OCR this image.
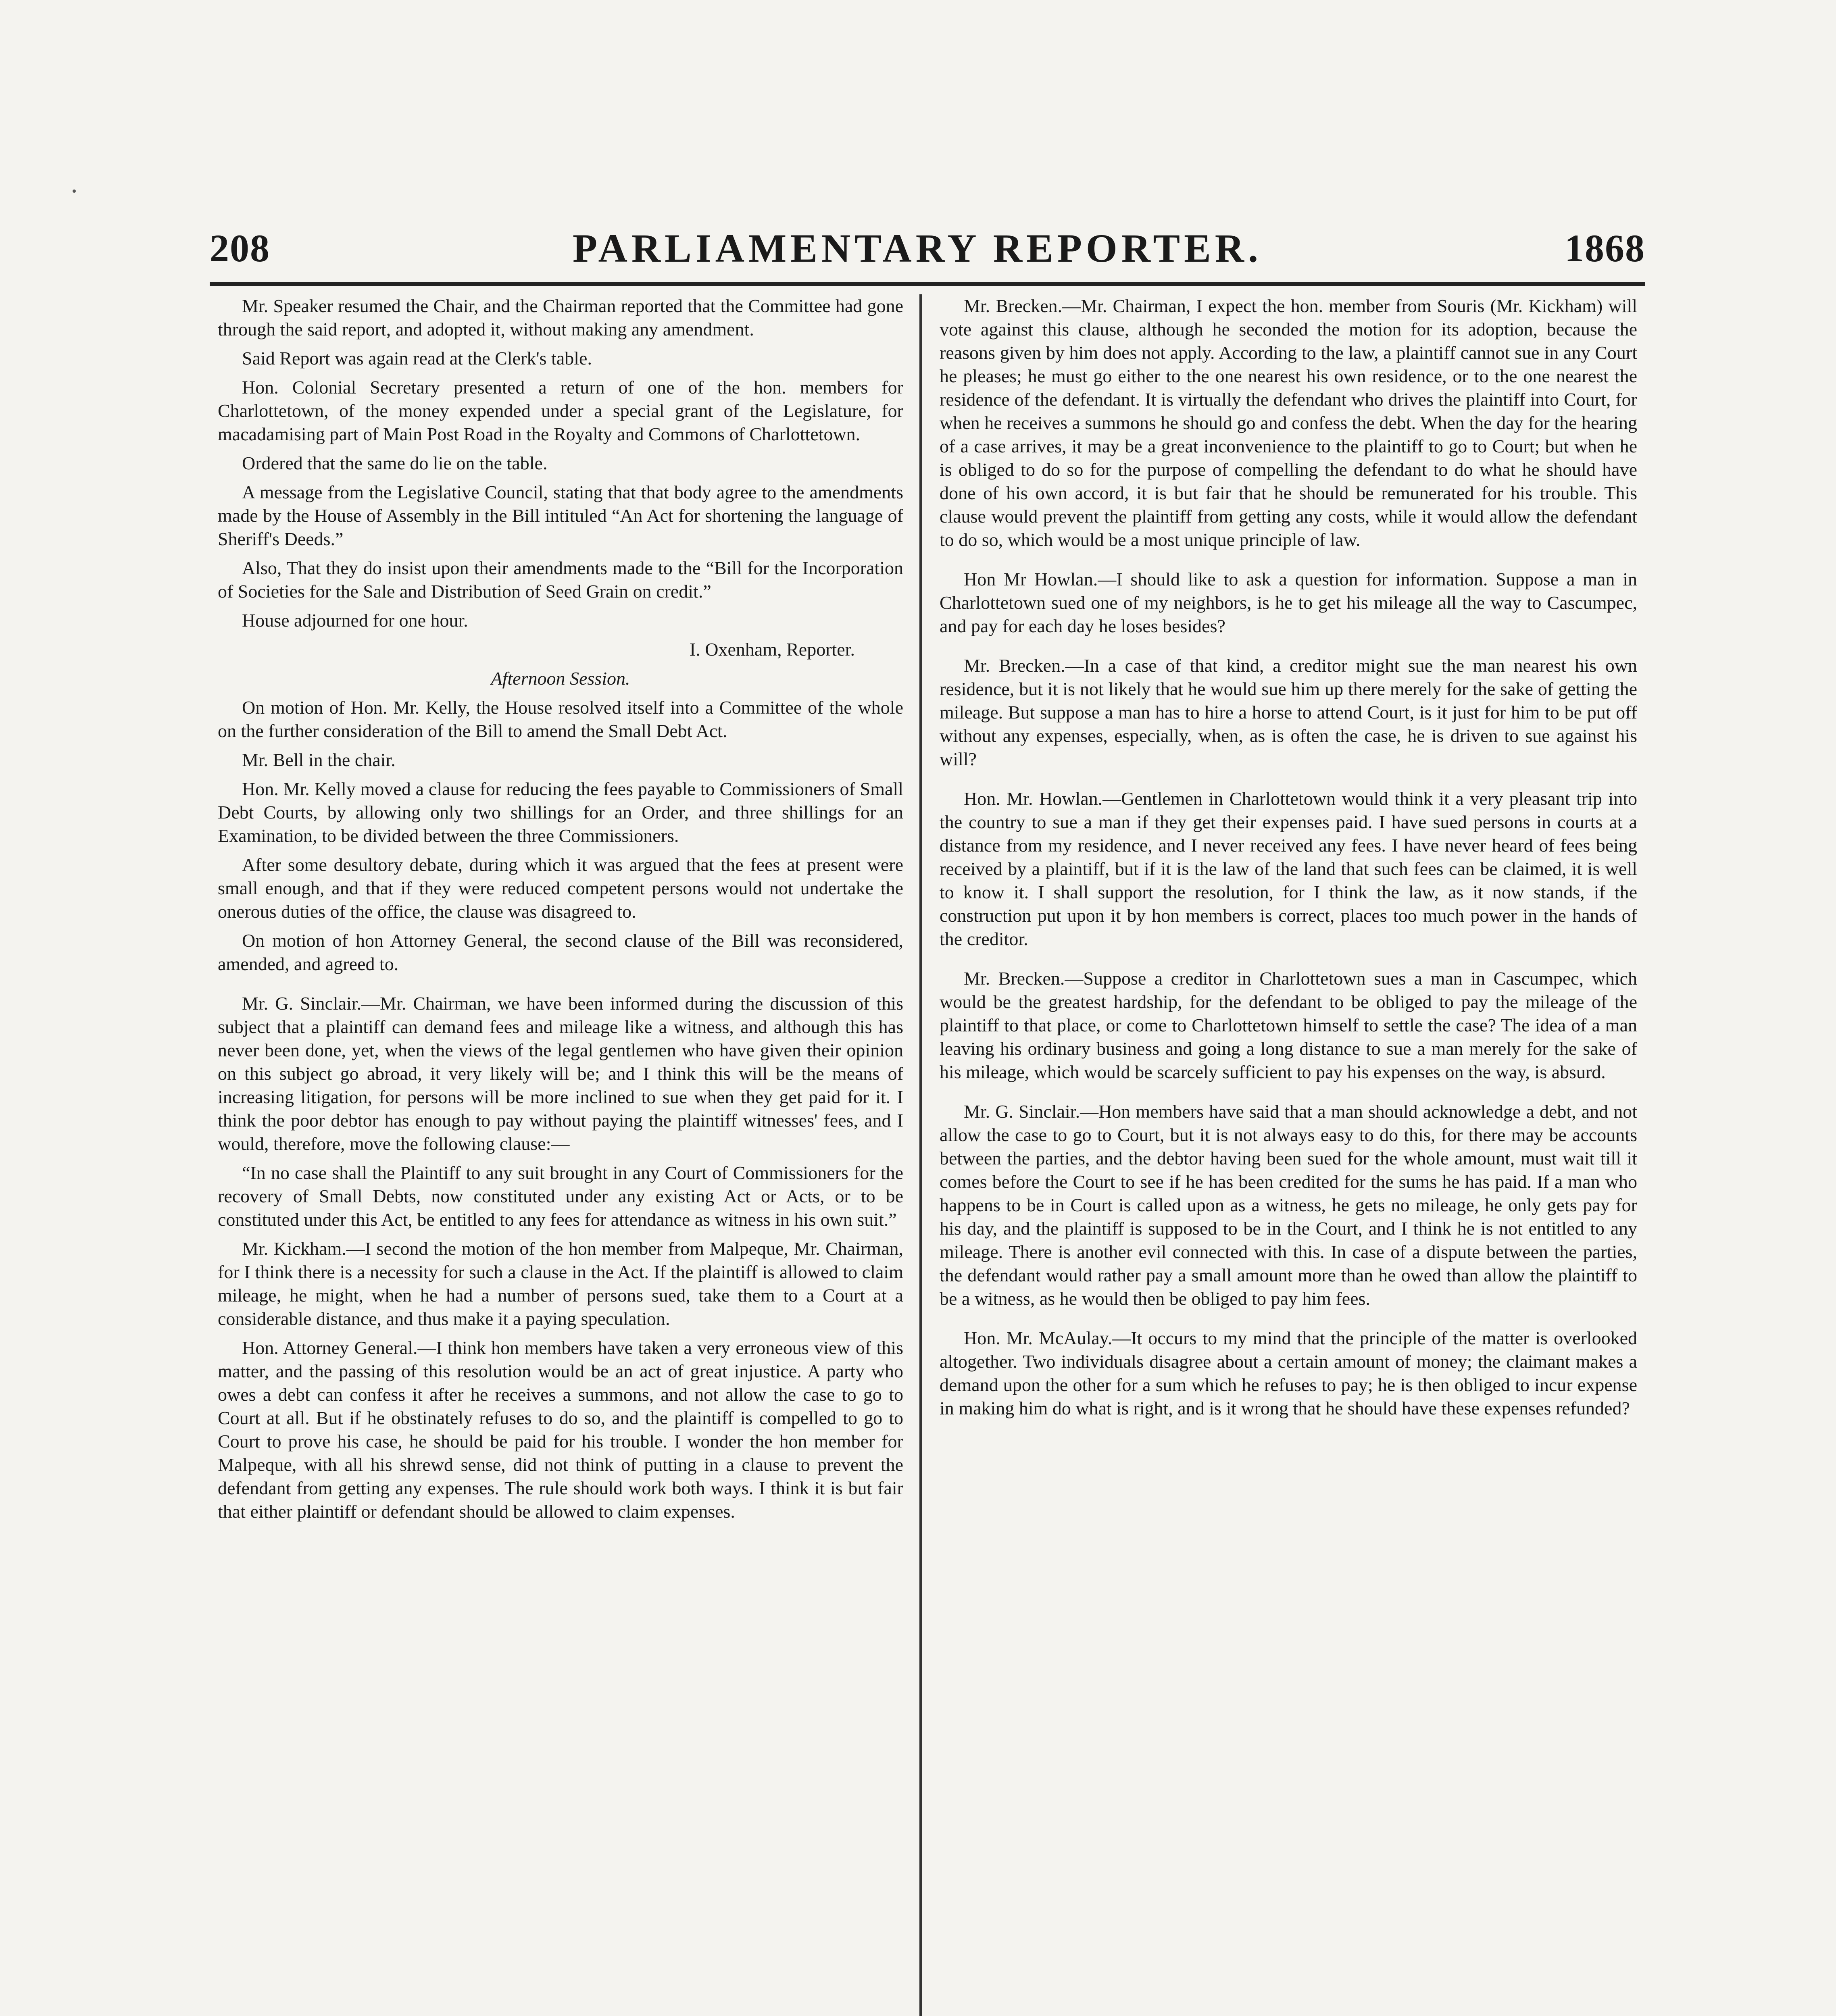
208	PARLIAMENTARY REPORTER.	1868

Mr. Speaker resumed the Chair, and the Chairman reported that the Committee had gone through the said report, and adopted it, without making any amendment.

Said Report was again read at the Clerk's table.

Hon. Colonial Secretary presented a return of one of the hon. members for Charlottetown, of the money expended under a special grant of the Legislature, for macadamising part of Main Post Road in the Royalty and Commons of Charlottetown.

Ordered that the same do lie on the table.

A message from the Legislative Council, stating that that body agree to the amendments made by the House of Assembly in the Bill intituled “An Act for shortening the language of Sheriff's Deeds.”

Also, That they do insist upon their amendments made to the “Bill for the Incorporation of Societies for the Sale and Distribution of Seed Grain on credit.”

House adjourned for one hour.

I. Oxenham, Reporter.

Afternoon Session.

On motion of Hon. Mr. Kelly, the House resolved itself into a Committee of the whole on the further consideration of the Bill to amend the Small Debt Act.

Mr. Bell in the chair.

Hon. Mr. Kelly moved a clause for reducing the fees payable to Commissioners of Small Debt Courts, by allowing only two shillings for an Order, and three shillings for an Examination, to be divided between the three Commissioners.

After some desultory debate, during which it was argued that the fees at present were small enough, and that if they were reduced competent persons would not undertake the onerous duties of the office, the clause was disagreed to.

On motion of hon Attorney General, the second clause of the Bill was reconsidered, amended, and agreed to.

Mr. G. Sinclair.—Mr. Chairman, we have been informed during the discussion of this subject that a plaintiff can demand fees and mileage like a witness, and although this has never been done, yet, when the views of the legal gentlemen who have given their opinion on this subject go abroad, it very likely will be; and I think this will be the means of increasing litigation, for persons will be more inclined to sue when they get paid for it. I think the poor debtor has enough to pay without paying the plaintiff witnesses' fees, and I would, therefore, move the following clause:—

“In no case shall the Plaintiff to any suit brought in any Court of Commissioners for the recovery of Small Debts, now constituted under any existing Act or Acts, or to be constituted under this Act, be entitled to any fees for attendance as witness in his own suit.”

Mr. Kickham.—I second the motion of the hon member from Malpeque, Mr. Chairman, for I think there is a necessity for such a clause in the Act. If the plaintiff is allowed to claim mileage, he might, when he had a number of persons sued, take them to a Court at a considerable distance, and thus make it a paying speculation.

Hon. Attorney General.—I think hon members have taken a very erroneous view of this matter, and the passing of this resolution would be an act of great injustice. A party who owes a debt can confess it after he receives a summons, and not allow the case to go to Court at all. But if he obstinately refuses to do so, and the plaintiff is compelled to go to Court to prove his case, he should be paid for his trouble. I wonder the hon member for Malpeque, with all his shrewd sense, did not think of putting in a clause to prevent the defendant from getting any expenses. The rule should work both ways. I think it is but fair that either plaintiff or defendant should be allowed to claim expenses.

Mr. Brecken.—Mr. Chairman, I expect the hon. member from Souris (Mr. Kickham) will vote against this clause, although he seconded the motion for its adoption, because the reasons given by him does not apply. According to the law, a plaintiff cannot sue in any Court he pleases; he must go either to the one nearest his own residence, or to the one nearest the residence of the defendant. It is virtually the defendant who drives the plaintiff into Court, for when he receives a summons he should go and confess the debt. When the day for the hearing of a case arrives, it may be a great inconvenience to the plaintiff to go to Court; but when he is obliged to do so for the purpose of compelling the defendant to do what he should have done of his own accord, it is but fair that he should be remunerated for his trouble. This clause would prevent the plaintiff from getting any costs, while it would allow the defendant to do so, which would be a most unique principle of law.

Hon Mr Howlan.—I should like to ask a question for information. Suppose a man in Charlottetown sued one of my neighbors, is he to get his mileage all the way to Cascumpec, and pay for each day he loses besides?

Mr. Brecken.—In a case of that kind, a creditor might sue the man nearest his own residence, but it is not likely that he would sue him up there merely for the sake of getting the mileage. But suppose a man has to hire a horse to attend Court, is it just for him to be put off without any expenses, especially, when, as is often the case, he is driven to sue against his will?

Hon. Mr. Howlan.—Gentlemen in Charlottetown would think it a very pleasant trip into the country to sue a man if they get their expenses paid. I have sued persons in courts at a distance from my residence, and I never received any fees. I have never heard of fees being received by a plaintiff, but if it is the law of the land that such fees can be claimed, it is well to know it. I shall support the resolution, for I think the law, as it now stands, if the construction put upon it by hon members is correct, places too much power in the hands of the creditor.

Mr. Brecken.—Suppose a creditor in Charlottetown sues a man in Cascumpec, which would be the greatest hardship, for the defendant to be obliged to pay the mileage of the plaintiff to that place, or come to Charlottetown himself to settle the case? The idea of a man leaving his ordinary business and going a long distance to sue a man merely for the sake of his mileage, which would be scarcely sufficient to pay his expenses on the way, is absurd.

Mr. G. Sinclair.—Hon members have said that a man should acknowledge a debt, and not allow the case to go to Court, but it is not always easy to do this, for there may be accounts between the parties, and the debtor having been sued for the whole amount, must wait till it comes before the Court to see if he has been credited for the sums he has paid. If a man who happens to be in Court is called upon as a witness, he gets no mileage, he only gets pay for his day, and the plaintiff is supposed to be in the Court, and I think he is not entitled to any mileage. There is another evil connected with this. In case of a dispute between the parties, the defendant would rather pay a small amount more than he owed than allow the plaintiff to be a witness, as he would then be obliged to pay him fees.

Hon. Mr. McAulay.—It occurs to my mind that the principle of the matter is overlooked altogether. Two individuals disagree about a certain amount of money; the claimant makes a demand upon the other for a sum which he refuses to pay; he is then obliged to incur expense in making him do what is right, and is it wrong that he should have these expenses refunded?
